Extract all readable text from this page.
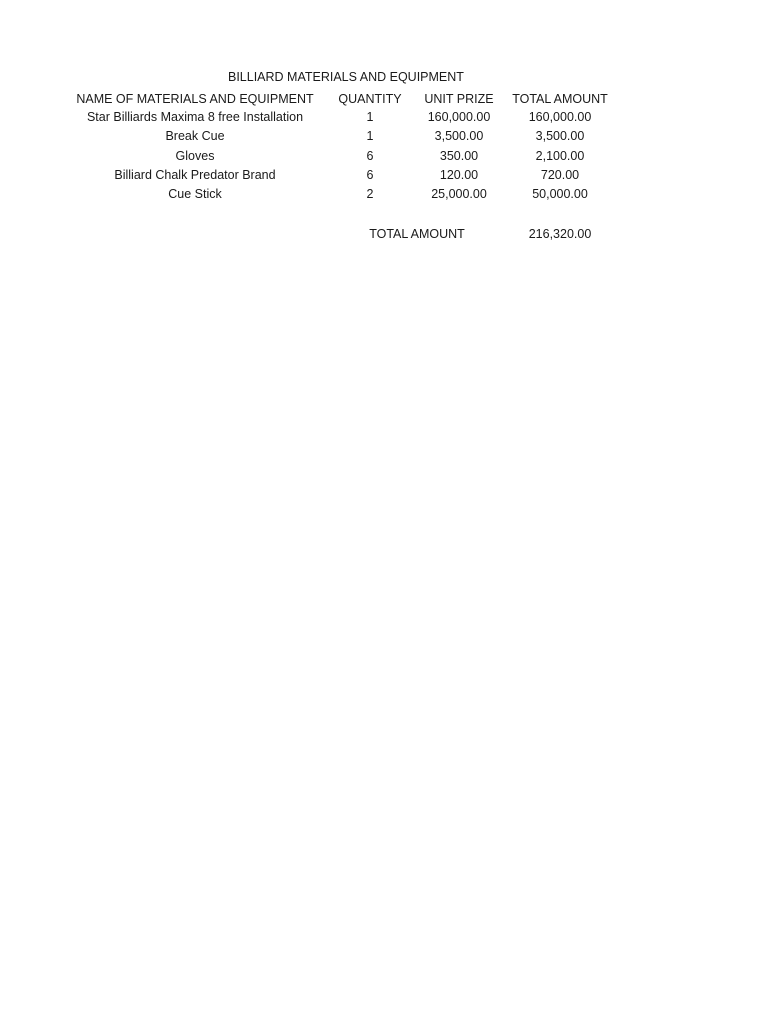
BILLIARD MATERIALS AND EQUIPMENT
NAME OF MATERIALS AND EQUIPMENT	QUANTITY	UNIT PRIZE	TOTAL AMOUNT
Star Billiards Maxima 8 free Installation	1	160,000.00	160,000.00
Break Cue	1	3,500.00	3,500.00
Gloves	6	350.00	2,100.00
Billiard Chalk Predator Brand	6	120.00	720.00
Cue Stick	2	25,000.00	50,000.00
TOTAL AMOUNT	216,320.00
